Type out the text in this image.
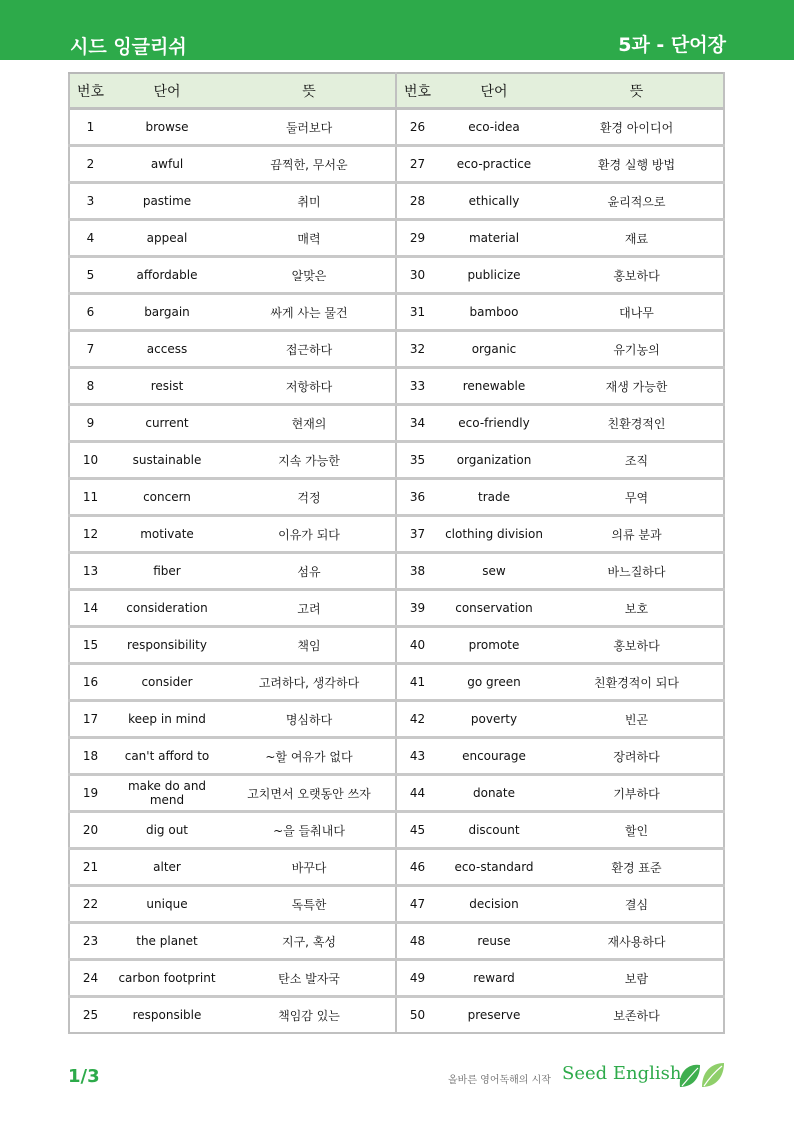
시드 잉글리쉬	5과 - 단어장
번호	단어	뜻	번호	단어	뜻
1	browse	둘러보다	26	eco-idea	환경 아이디어
2	awful	끔찍한, 무서운	27	eco-practice	환경 실행 방법
3	pastime	취미	28	ethically	윤리적으로
4	appeal	매력	29	material	재료
5	affordable	알맞은	30	publicize	홍보하다
6	bargain	싸게 사는 물건	31	bamboo	대나무
7	access	접근하다	32	organic	유기농의
8	resist	저항하다	33	renewable	재생 가능한
9	current	현재의	34	eco-friendly	친환경적인
10	sustainable	지속 가능한	35	organization	조직
11	concern	걱정	36	trade	무역
12	motivate	이유가 되다	37	clothing division	의류 분과
13	fiber	섬유	38	sew	바느질하다
14	consideration	고려	39	conservation	보호
15	responsibility	책임	40	promote	홍보하다
16	consider	고려하다, 생각하다	41	go green	친환경적이 되다
17	keep in mind	명심하다	42	poverty	빈곤
18	can't afford to	~할 여유가 없다	43	encourage	장려하다
19	make do and mend	고치면서 오랫동안 쓰자	44	donate	기부하다
20	dig out	~을 들춰내다	45	discount	할인
21	alter	바꾸다	46	eco-standard	환경 표준
22	unique	독특한	47	decision	결심
23	the planet	지구, 혹성	48	reuse	재사용하다
24	carbon footprint	탄소 발자국	49	reward	보람
25	responsible	책임감 있는	50	preserve	보존하다
1/3	올바른 영어독해의 시작 Seed English
